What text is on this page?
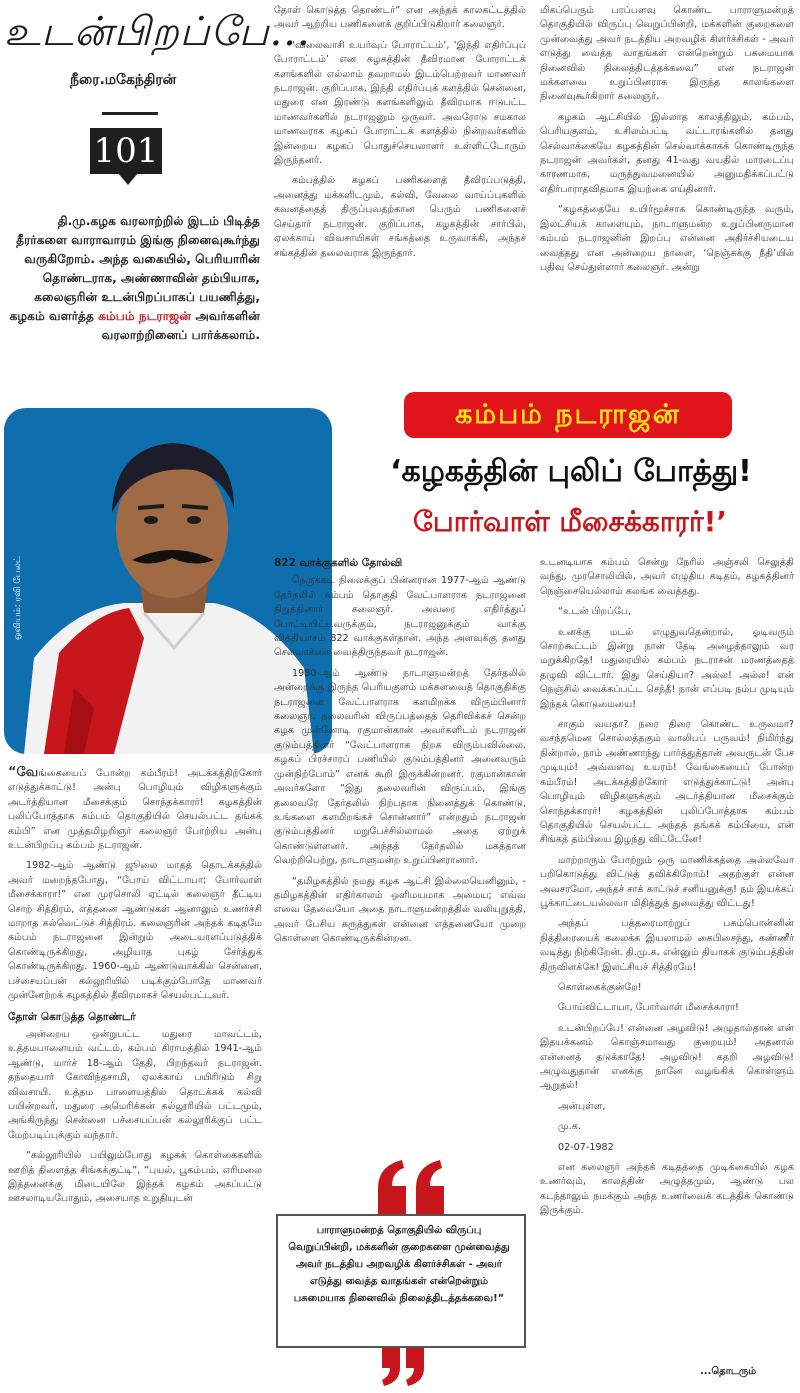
உடன்பிறப்பே...
நீரை.மகேந்திரன்
101
தி.மு.கழக வரலாற்றில் இடம் பிடித்த தீரர்களை வாராவாரம் இங்கு நினைவுகூர்ந்து வருகிறோம். அந்த வகையில், பெரியாரின் தொண்டராக, அண்ணாவின் தம்பியாக, கலைஞரின் உடன்பிறப்பாகப் பயணித்து, கழகம் வளர்த்த கம்பம் நடராஜன் அவர்களின் வரலாற்றினைப் பார்க்கலாம்.

தோள் கொடுத்த தொண்டர்” என அந்தக் காலகட்டத்தில் அவர் ஆற்றிய பணிகளைக் குறிப்பிடுகிறார் கலைஞர்.

‘விலைவாசி உயர்வுப் போராட்டம்’, ‘இந்தி எதிர்ப்புப் போராட்டம்’ என கழகத்தின் தீவிரமான போராட்டக் களங்களில் எல்லாம் தவறாமல் இடம்பெற்றவர் மாணவர் நடராஜன். குறிப்பாக, இந்தி எதிர்ப்புக் களத்தில் சென்னை, மதுரை என இரண்டு களங்களிலும் தீவிரமாக ஈடுபட்ட மாணவர்களில் நடராஜனும் ஒருவர். அவரோடு சமகால மாணவராக கழகப் போராட்டக் களத்தில் நின்றவர்களில் இன்றைய கழகப் பொதுச்செயலாளர் உள்ளிட்டோரும் இருந்தனர்.

கம்பத்தில் கழகப் பணிகளைத் தீவிரப்படுத்தி, அனைத்து மக்களிடமும், கல்வி, வேலை வாய்ப்புகளில் கவனத்தைத் திருப்புவதற்கான பெரும் பணிகளைச் செய்தார் நடராஜன். குறிப்பாக, கழகத்தின் சார்பில், ஏலக்காய் விவசாயிகள் சங்கத்தை உருவாக்கி, அந்தச் சங்கத்தின் தலைவராக இருந்தார்.

மிகப்பெரும் பரப்பளவு கொண்ட பாராளுமன்றத் தொகுதியில் விருப்பு வெறுப்பின்றி, மக்களின் குறைகளை முன்வைத்து அவர் நடத்திய அறவழிக் கிளர்ச்சிகள் - அவர் எடுத்து வைத்த வாதங்கள் என்றென்றும் பசுமையாக நினைவில் நிலைத்திடத்தக்கவை” என நடராஜன் மக்களவை உறுப்பினராக இருந்த காலங்களை நினைவுகூர்கிறார் கலைஞர்.

கழகம் ஆட்சியில் இல்லாத காலத்திலும், கம்பம், பெரியகுளம், உசிலம்பட்டி வட்டாரங்களில் தனது செல்வாக்கையே கழகத்தின் செல்வாக்காகக் கொண்டிருந்த நடராஜன் அவர்கள், தனது 41-வது வயதில் மாரடைப்பு காரணமாக, மருத்துவமனையில் அனுமதிக்கப்பட்டு எதிர்பாராதவிதமாக இயற்கை எய்தினார்.

“கழகத்தையே உயிர்மூச்சாக கொண்டிருந்த வரும், இலட்சியக் காளையும், நாடாளுமன்ற உறுப்பினருமான கம்பம் நடராஜனின் இறப்பு என்னை அதிர்ச்சியடைய வைத்தது என அன்றைய நாளை, ‘நெஞ்சுக்கு நீதி’யில் பதிவு செய்துள்ளார் கலைஞர். அன்று

ஓவியம்: ரவி பேலட்
கம்பம் நடராஜன்
‘கழகத்தின் புலிப் போத்து!
போர்வாள் மீசைக்காரர்!’

“வேங்கையைப் போன்ற கம்பீரம்! அடக்கத்திற்கோர் எடுத்துக்காட்டு! அன்பு பொழியும் விழிகளுக்கும் அடர்த்தியான மீசைக்கும் சொந்தக்காரர்! கழகத்தின் புலிப்போத்தாக கம்பம் தொகுதியில் செயல்பட்ட தங்கக் கம்பி” என முத்தமிழறிஞர் கலைஞர் போற்றிய அன்பு உடன்பிறப்பு கம்பம் நடராஜன்.

1982-ஆம் ஆண்டு ஜூலை மாதத் தொடக்கத்தில் அவர் மறைந்தபோது, “போய் விட்டாயா; போர்வாள் மீசைக்காரா!” என முரசொலி ஏட்டில் கலைஞர் தீட்டிய சொற் சித்திரம், எத்தனை ஆண்டுகள் ஆனாலும் உணர்ச்சி மாறாத கல்வெட்டுச் சித்திரம். கலைஞரின் அந்தக் கடிதமே கம்பம் நடராஜனை இன்றும் அடையாளப்படுத்திக் கொண்டிருக்கிறது, அழியாத புகழ் சேர்த்துக் கொண்டிருக்கிறது. 1960-ஆம் ஆண்டுவாக்கில் சென்னை, பச்சையப்பன் கல்லூரியில் படிக்கும்போதே மாணவர் முன்னேற்றக் கழகத்தில் தீவிரமாகச் செயல்பட்டவர்.

தோள் கொடுத்த தொண்டர்

அன்றைய ஒன்றுபட்ட மதுரை மாவட்டம், உத்தமபாளையம் வட்டம், கம்பம் கிராமத்தில் 1941-ஆம் ஆண்டு, மார்ச் 18-ஆம் தேதி, பிறந்தவர் நடராஜன். தந்தையார் கோவிந்தசாமி, ஏலக்காய் பயிரிடும் சிறு விவசாயி. உத்தம பாளையத்தில் தொடக்கக் கல்வி பயின்றவர், மதுரை அமெரிக்கன் கல்லூரியில் பட்டமும், அங்கிருந்து சென்னை பச்சையப்பன் கல்லூரிக்குப் பட்ட மேற்படிப்புக்கும் வந்தார்.

“கல்லூரியில் பயிலும்போது கழகக் கொள்கைகளில் ஊறித் திளைத்த சிங்கக்குட்டி”, “புயல், பூகம்பம், எரிமலை இத்தனைக்கு மிடையிலே இந்தக் கழகம் அகப்பட்டு ஊசலாடியபோதும், அசையாத உறுதியுடன்

822 வாக்குகளில் தோல்வி

நெருக்கடி நிலைக்குப் பின்னரான 1977-ஆம் ஆண்டு தேர்தலில் கம்பம் தொகுதி வேட்பாளராக நடராஜனை நிறுத்தினார் கலைஞர். அவரை எதிர்த்துப் போட்டியிட்டவருக்கும், நடராஜனுக்கும் வாக்கு வித்தியாசம் 822 வாக்குகள்தான். அந்த அளவுக்கு தனது செல்வாக்கை வைத்திருந்தவர் நடராஜன்.

1980-ஆம் ஆண்டு நாடாளுமன்றத் தேர்தலில் அன்றைக்கு இருந்த பெரியகுளம் மக்களவைத் தொகுதிக்கு நடராஜனை வேட்பாளராக களமிறக்க விரும்பினார் கலைஞர். தலைவரின் விருப்பத்தைத் தெரிவிக்கச் சென்ற கழக முன்னோடி ரகுமான்கான் அவர்களிடம் நடராஜன் குடும்பத்தினர் “வேட்பாளராக நிறக விரும்பவில்லை. கழகப் பிரச்சாரப் பணியில் குடும்பத்தினர் அனைவரும் முன்நிற்போம்” எனக் கூறி இருக்கின்றனர். ரகுமான்கான் அவர்களோ “இது தலைவரின் விருப்பம், இங்கு தலைவரே தேர்தலில் நிற்பதாக நினைத்துக் கொண்டு, உங்களை களமிறங்கச் சொன்னார்” என்றதும் நடராஜன் குடும்பத்தினர் மறுபேச்சில்லாமல் அதை ஏற்றுக் கொண்டுள்ளனர். அந்தத் தேர்தலில் மகத்தான வெற்றிபெற்று, நாடாளுமன்ற உறுப்பினரானார்.

“தமிழகத்தில் நமது கழக ஆட்சி இல்லையெனினும், - தமிழகத்தின் எதிர்காலம் ஒளிமயமாக அமைய; எவ்வ எவை தேவையோ அதை நாடாளுமன்றத்தில் வலியுறுத்தி, அவர் பேசிய கருத்துகள் என்னை எத்தனையோ முறை கொள்ளை கொண்டிருக்கின்றன.

பாராளுமன்றத் தொகுதியில் விருப்பு வெறுப்பின்றி, மக்களின் குறைகளை முன்வைத்து அவர் நடத்திய அறவழிக் கிளர்ச்சிகள் - அவர் எடுத்து வைத்த வாதங்கள் என்றென்றும் பசுமையாக நினைவில் நிலைத்திடத்தக்கவை!”

உடனடியாக கம்பம் சென்று நேரில் அஞ்சலி செலுத்தி வந்து, முரசொலியில், அவர் எழுதிய கடிதம், கழகத்தினர் நெஞ்சையெல்லாம் கலங்க வைத்தது.

“உடன் பிறப்பே,

உனக்கு மடல் எழுதுவதென்றால், ஓடிவரும் சொற்கூட்டம் இன்று நான் தேடி அழைத்தாலும் வர மறுக்கிறதே! மதுரையில் கம்பம் நடராசன் மரணத்தைத் தழுவி விட்டார். இது செய்தியா? அல்ல! அல்ல! என் நெஞ்சில் வைக்கப்பட்ட செந்தீ! நான் எப்படி நம்ப முடியும் இந்தக் கொடுமையை!

சாகும் வயதா? நரை திரை கொண்ட உருவமா? வசந்தமென சொல்லத்தகும் வாலிபப் பருவம்! நிமிர்ந்து நின்றால், நாம் அண்ணாந்து பார்த்துத்தான் அவருடன் பேச முடியும்! அவ்வளவு உயரம்! வேங்கையைப் போன்ற கம்பீரம்! அடக்கத்திற்கோர் எடுத்துக்காட்டு! அன்பு பொழியும் விழிகளுக்கும் அடர்த்தியான மீசைக்கும் சொந்தக்காரர்! கழகத்தின் புலிப்போத்தாக கம்பம் தொகுதியில் செயல்பட்ட அந்தத் தங்கக் கம்பியை, என் சிங்கத் தம்பியை இழந்து விட்டேனே!

மாற்றாரும் போற்றும் ஒரு மாணிக்கத்தை அல்லவோ பறிகொடுத்து விட்டுத் தவிக்கிறோம்! அதற்குள் என்ன அவசரமோ, அந்தச் சாக் காட்டுச் சனியனுக்கு! நம் இயக்கப் பூக்காட்டையல்லவா மிதித்துத் துவைத்து விட்டது!

அந்தப் பத்தரைமாற்றுப் பசும்பொன்னின் நித்திரையைக் கலைக்க இயலாமல் கைபிசைந்து, கண்ணீர் வடித்து நிற்கிறேன். தி.மு.க. என்னும் தியாகக் குடும்பத்தின் திருவிளக்கே! இலட்சியச் சித்திரமே!

கொள்கைக்குன்றே!

போய்விட்டாயா, போர்வாள் மீசைக்காரா!

உடன்பிறப்பே! என்னை அழவிடு! அழுதால்தான் என் இதயக்கனம் கொஞ்சமாவது குறையும்! அதனால் என்னைத் தடுக்காதே! அழவிடு! கதறி அழவிடு! அழுவதுதான் எனக்கு நானே வழங்கிக் கொள்ளும் ஆறுதல்!

அன்புள்ள,

மு.க.

02-07-1982

என கலைஞர் அந்தக் கடிதத்தை முடிக்கையில் கழக உணர்வும், காலத்தின் அழுத்தமும், ஆண்டு பல கடந்தாலும் நமக்கும் அந்த உணர்வைக் கடத்திக் கொண்டு இருக்கும்.

...தொடரும்
